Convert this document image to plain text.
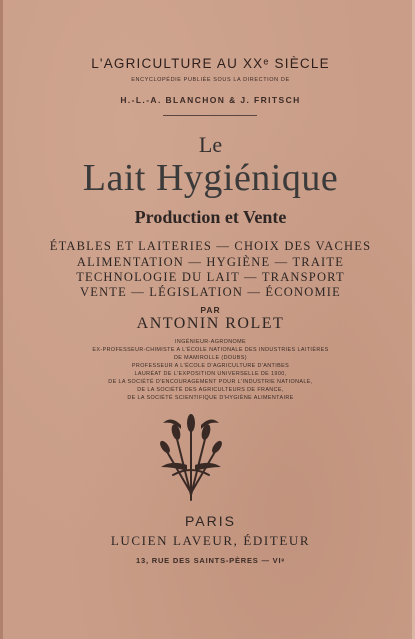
L'AGRICULTURE AU XXᵉ SIÈCLE
ENCYCLOPÉDIE PUBLIÉE SOUS LA DIRECTION DE
H.-L.-A. BLANCHON & J. FRITSCH
Le
Lait Hygiénique
Production et Vente
ÉTABLES ET LAITERIES — CHOIX DES VACHES
ALIMENTATION — HYGIÈNE — TRAITE
TECHNOLOGIE DU LAIT — TRANSPORT
VENTE — LÉGISLATION — ÉCONOMIE
PAR
ANTONIN ROLET
INGÉNIEUR-AGRONOME
EX-PROFESSEUR-CHIMISTE A L'ÉCOLE NATIONALE DES INDUSTRIES LAITIÈRES
DE MAMIROLLE (DOUBS)
PROFESSEUR A L'ÉCOLE D'AGRICULTURE D'ANTIBES
LAURÉAT DE L'EXPOSITION UNIVERSELLE DE 1900,
DE LA SOCIÉTÉ D'ENCOURAGEMENT POUR L'INDUSTRIE NATIONALE,
DE LA SOCIÉTÉ DES AGRICULTEURS DE FRANCE,
DE LA SOCIÉTÉ SCIENTIFIQUE D'HYGIÈNE ALIMENTAIRE
PARIS
LUCIEN LAVEUR, ÉDITEUR
13, RUE DES SAINTS-PÈRES — VIᵉ
